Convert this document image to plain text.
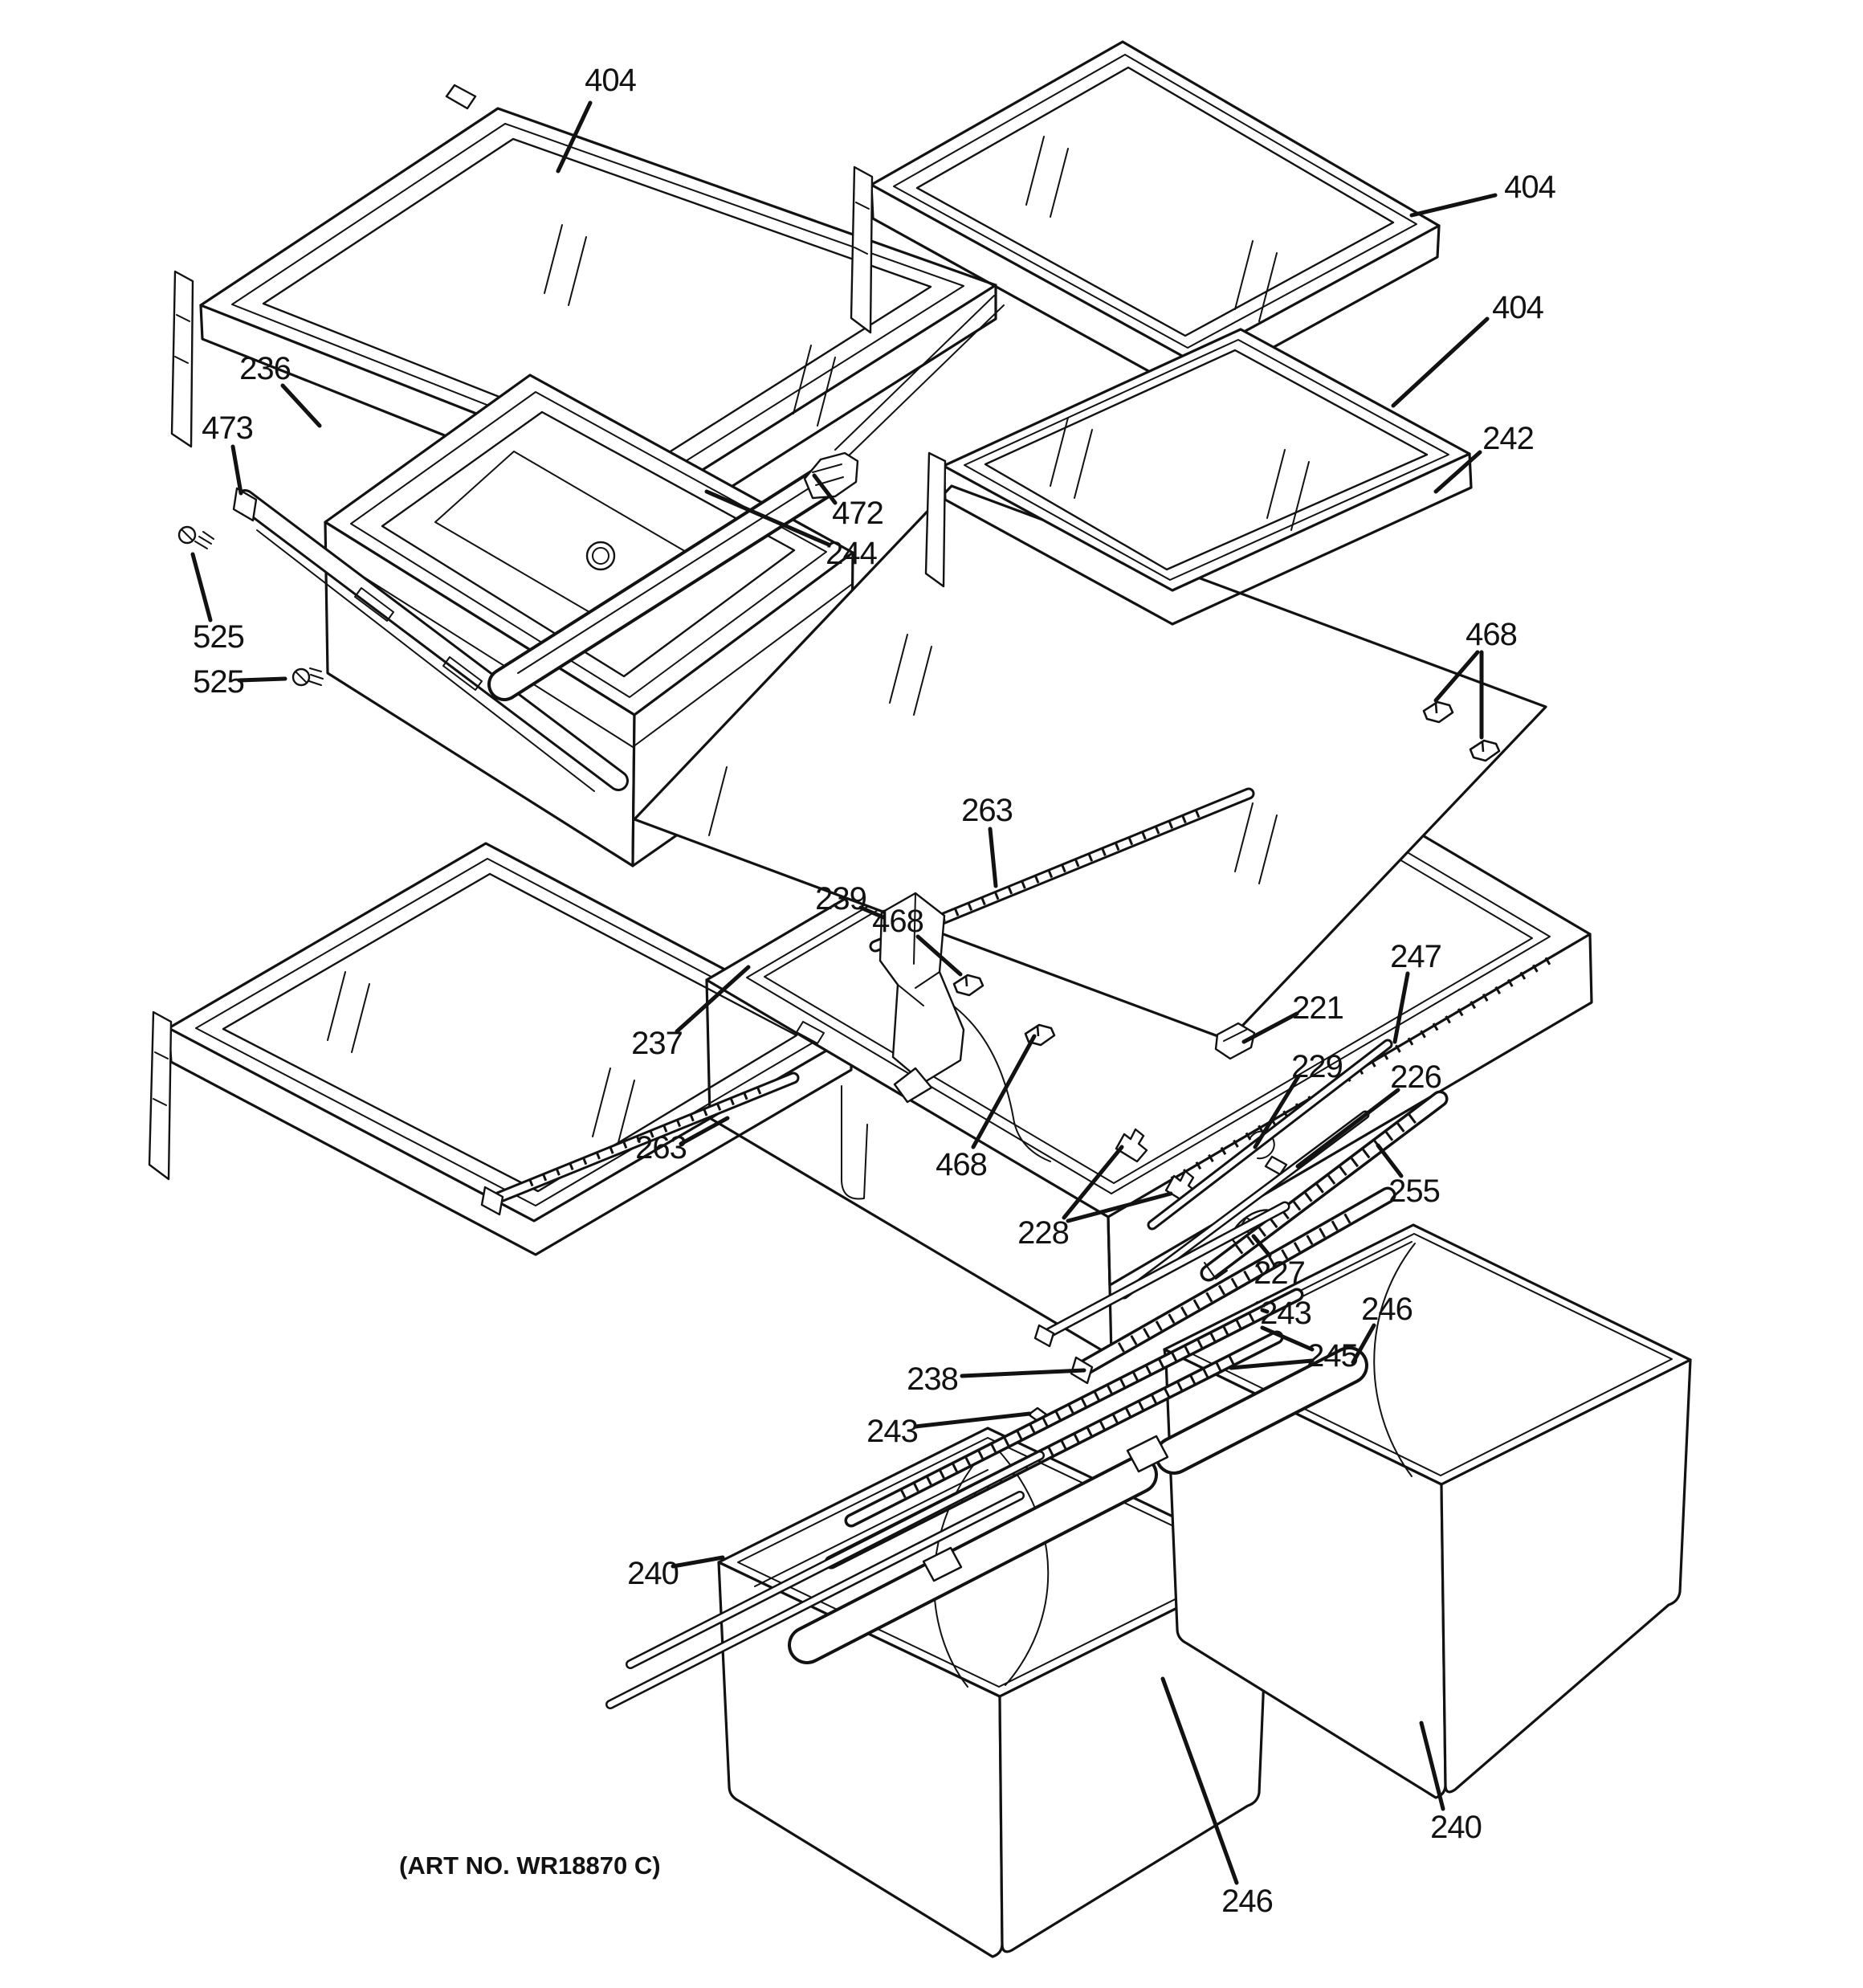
404
404
404
242
236
473
525
525
472
244
468
263
239
468
237
263	468
228
221
229
247
226
255
227
243 246
245
238
243
240
240
246
(ART NO. WR18870 C)
